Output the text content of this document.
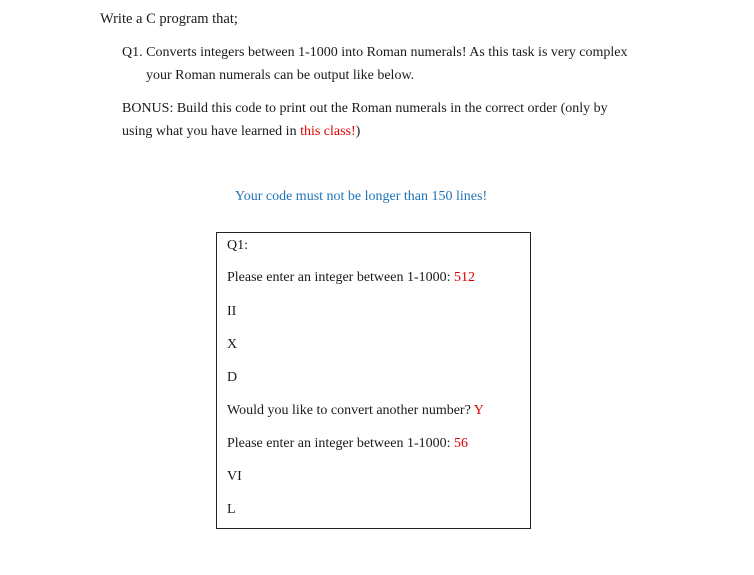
Write a C program that;
Q1. Converts integers between 1-1000 into Roman numerals! As this task is very complex
your Roman numerals can be output like below.
BONUS: Build this code to print out the Roman numerals in the correct order (only by
using what you have learned in this class!)
Your code must not be longer than 150 lines!
Q1:
Please enter an integer between 1-1000: 512
II
X
D
Would you like to convert another number? Y
Please enter an integer between 1-1000: 56
VI
L
